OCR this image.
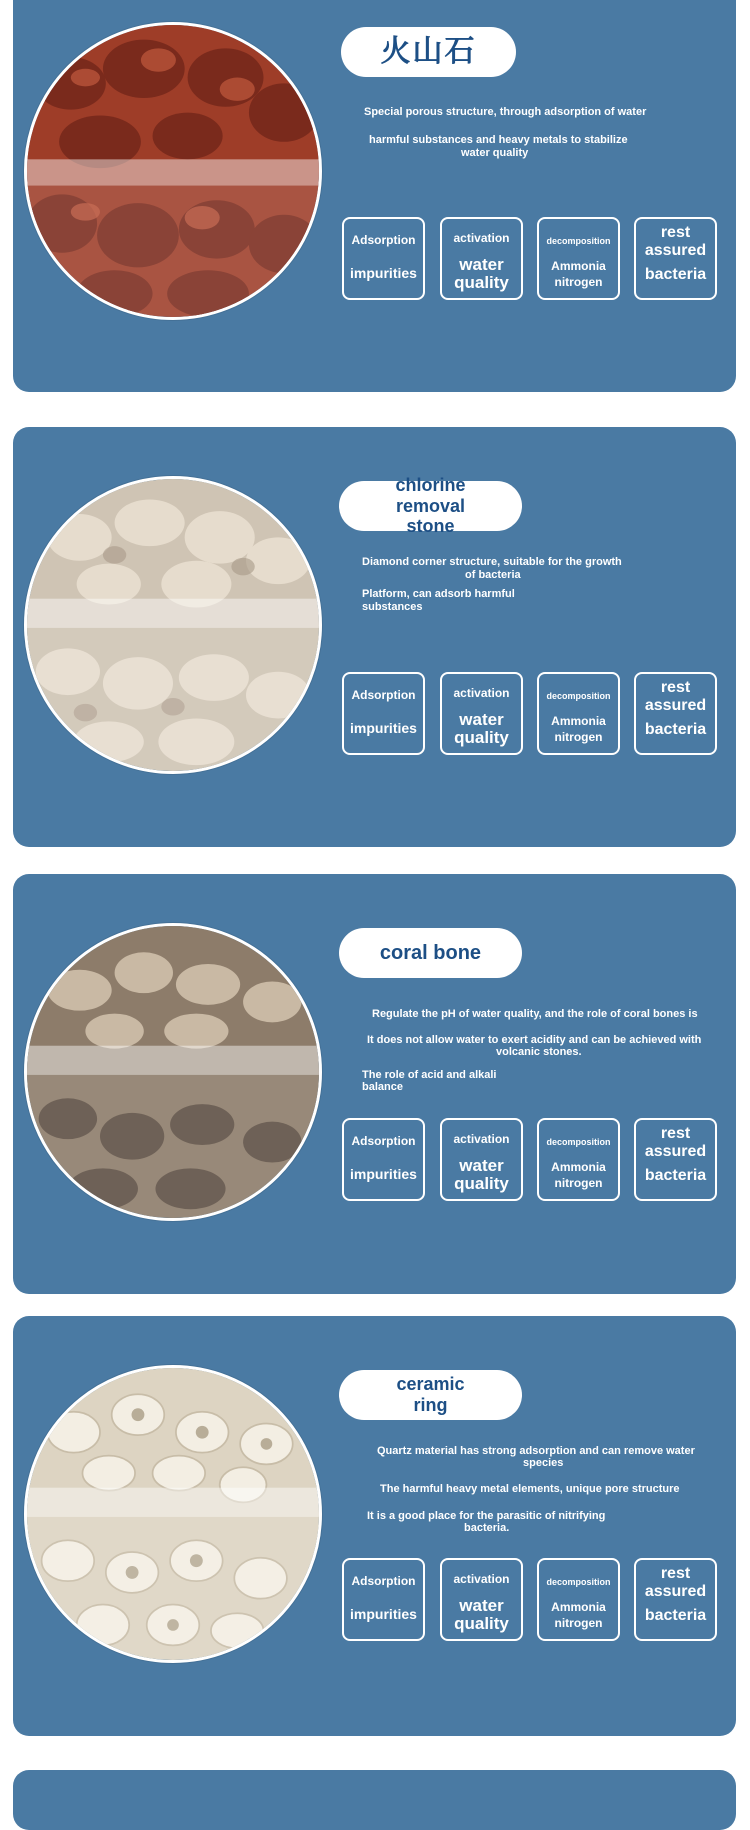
火山石
Special porous structure, through adsorption of water
harmful substances and heavy metals to stabilize
water quality
Adsorption
impurities
activation
water
quality
decomposition
Ammonia
nitrogen
rest
assured
bacteria
chlorine removal stone
Diamond corner structure, suitable for the growth
of bacteria
Platform, can adsorb harmful
substances
Adsorption
impurities
activation
water
quality
decomposition
Ammonia
nitrogen
rest
assured
bacteria
coral bone
Regulate the pH of water quality, and the role of coral bones is
It does not allow water to exert acidity and can be achieved with
volcanic stones.
The role of acid and alkali
balance
Adsorption
impurities
activation
water
quality
decomposition
Ammonia
nitrogen
rest
assured
bacteria
ceramic ring
Quartz material has strong adsorption and can remove water
species
The harmful heavy metal elements, unique pore structure
It is a good place for the parasitic of nitrifying
bacteria.
Adsorption
impurities
activation
water
quality
decomposition
Ammonia
nitrogen
rest
assured
bacteria
